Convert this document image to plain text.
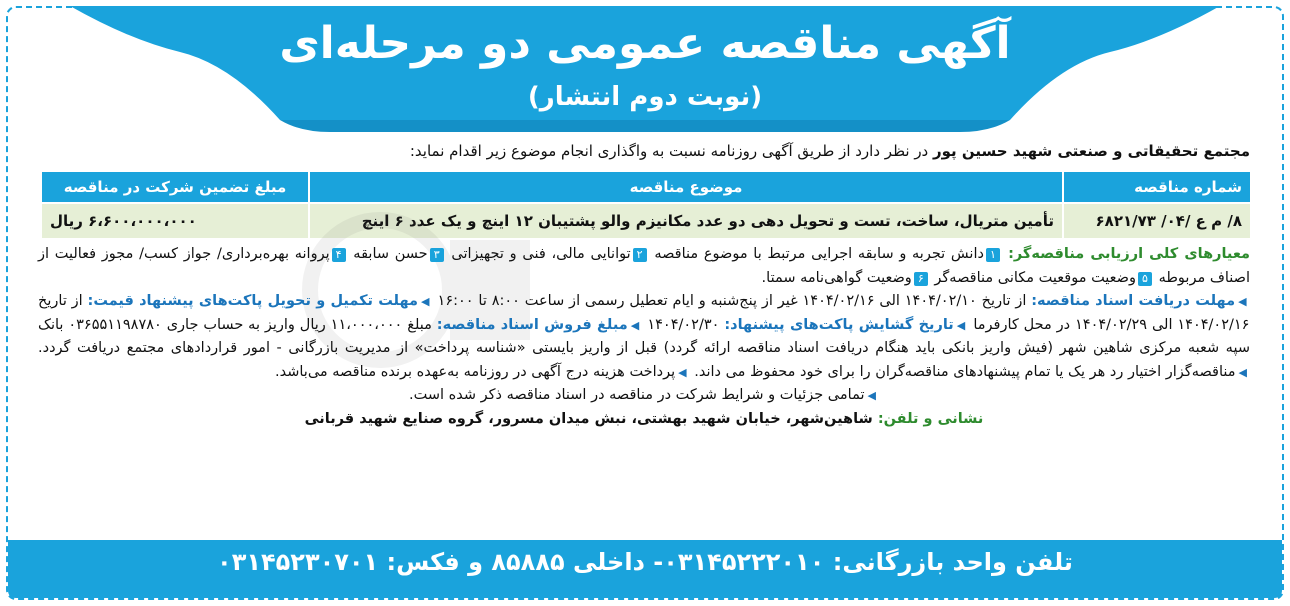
آگهی مناقصه عمومی دو مرحله‌ای
(نوبت دوم انتشار)
مجتمع تحقیقاتی و صنعتی شهید حسین پور در نظر دارد از طریق آگهی روزنامه نسبت به واگذاری انجام موضوع زیر اقدام نماید:
شماره مناقصه	موضوع مناقصه	مبلغ تضمین شرکت در مناقصه
۸/ م ع /۰۴/ ۶۸۲۱/۷۳	تأمین متریال، ساخت، تست و تحویل دهی دو عدد مکانیزم والو پشتیبان ۱۲ اینچ و یک عدد ۶ اینچ	۶،۶۰۰،۰۰۰،۰۰۰ ریال

معیارهای کلی ارزیابی مناقصه‌گر: ۱دانش تجربه و سابقه اجرایی مرتبط با موضوع مناقصه ۲توانایی مالی، فنی و تجهیزاتی ۳حسن سابقه ۴پروانه بهره‌برداری/ جواز کسب/ مجوز فعالیت از اصناف مربوطه ۵وضعیت موقعیت مکانی مناقصه‌گر ۶وضعیت گواهی‌نامه سمتا.

◀مهلت دریافت اسناد مناقصه: از تاریخ ۱۴۰۴/۰۲/۱۰ الی ۱۴۰۴/۰۲/۱۶ غیر از پنج‌شنبه و ایام تعطیل رسمی از ساعت ۸:۰۰ تا ۱۶:۰۰ ◀مهلت تکمیل و تحویل پاکت‌های پیشنهاد قیمت: از تاریخ ۱۴۰۴/۰۲/۱۶ الی ۱۴۰۴/۰۲/۲۹ در محل کارفرما ◀تاریخ گشایش پاکت‌های پیشنهاد: ۱۴۰۴/۰۲/۳۰ ◀مبلغ فروش اسناد مناقصه: مبلغ ۱۱،۰۰۰،۰۰۰ ریال واریز به حساب جاری ۰۳۶۵۵۱۱‌۹۸۷۸۰ بانک سپه شعبه مرکزی شاهین شهر (فیش واریز بانکی باید هنگام دریافت اسناد مناقصه ارائه گردد) قبل از واریز بایستی «شناسه پرداخت» از مدیریت بازرگانی - امور قراردادهای مجتمع دریافت گردد. ◀مناقصه‌گزار اختیار رد هر یک یا تمام پیشنهادهای مناقصه‌گران را برای خود محفوظ می داند. ◀پرداخت هزینه درج آگهی در روزنامه به‌عهده برنده مناقصه می‌باشد.

◀تمامی جزئیات و شرایط شرکت در مناقصه در اسناد مناقصه ذکر شده است.

نشانی و تلفن: شاهین‌شهر، خیابان شهید بهشتی، نبش میدان مسرور، گروه صنایع شهید قربانی

تلفن واحد بازرگانی: ۰۳۱۴۵۲۲۲۰۱۰- داخلی ۸۵۸۸۵ و فکس: ۰۳۱۴۵۲۳۰۷۰۱
